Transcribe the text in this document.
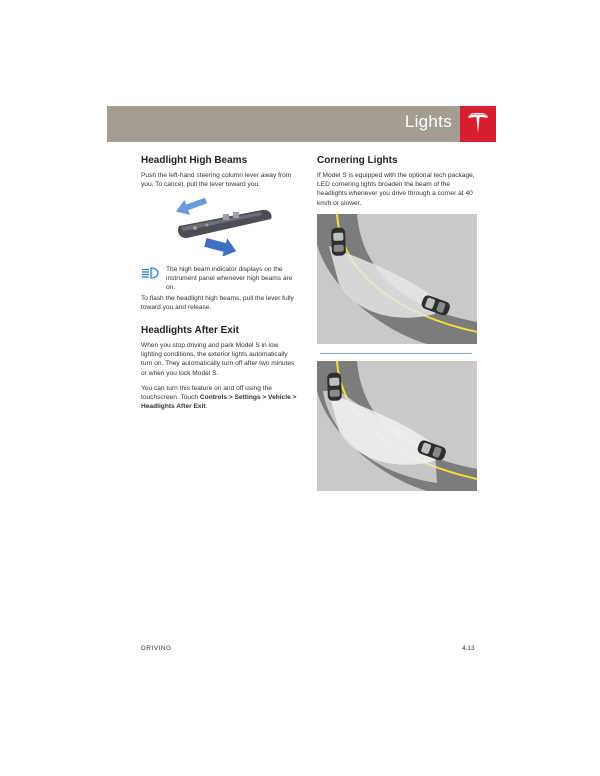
Lights
Headlight High Beams

Push the left-hand steering column lever away from you. To cancel, pull the lever toward you.

The high beam indicator displays on the instrument panel whenever high beams are on.

To flash the headlight high beams, pull the lever fully toward you and release.

Headlights After Exit

When you stop driving and park Model S in low lighting conditions, the exterior lights automatically turn on. They automatically turn off after two minutes or when you lock Model S.

You can turn this feature on and off using the touchscreen. Touch Controls > Settings > Vehicle > Headlights After Exit.

Cornering Lights

If Model S is equipped with the optional tech package, LED cornering lights broaden the beam of the headlights whenever you drive through a corner at 40 km/h or slower.

DRIVING	4.13
